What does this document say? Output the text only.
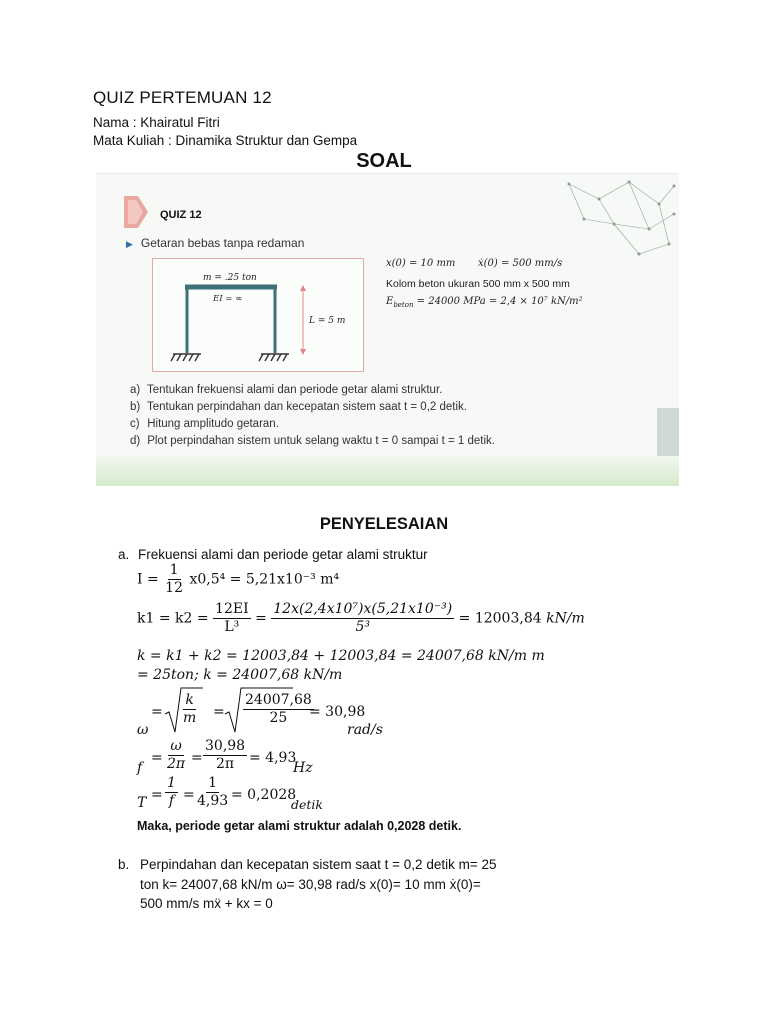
QUIZ PERTEMUAN 12
Nama : Khairatul Fitri
Mata Kuliah : Dinamika Struktur dan Gempa
SOAL
QUIZ 12
▶ Getaran bebas tanpa redaman
m = .25 ton
EI = ∞
L = 5 m
x(0) = 10 mm ẋ(0) = 500 mm/s
Kolom beton ukuran 500 mm x 500 mm
$E_{beton} = 24000$ MPa = 2,4 × 10⁷ kN/m²
a) Tentukan frekuensi alami dan periode getar alami struktur.
b) Tentukan perpindahan dan kecepatan sistem saat t = 0,2 detik.
c) Hitung amplitudo getaran.
d) Plot perpindahan sistem untuk selang waktu t = 0 sampai t = 1 detik.
PENYELESAIAN
a. Frekuensi alami dan periode getar alami struktur
$I = \frac{1}{12} x0,5^4 = 5,21x10^{-3}$ m⁴
$k1 = k2 = \frac{12EI}{\text{L³}} = \frac{\text{12x(2,4x10⁷)x(5,21x10⁻³)}}{\text{5³}} = 12003,84$ kN/m
k = k1 + k2 = 12003,84 + 12003,84 = 24007,68 kN/m m
= 25ton; k = 24007,68 kN/m
=
ω
=
$\frac{k}{m}$	$\frac{24007,68}{25}$
= 30,98
rad/s
=
f $\frac{\omega}{2\pi} = \frac{30,98}{2\pi} = 4,93$
Hz
=
T $\frac{1}{f} = \frac{1}{4,93} = 0,2028$
detik
Maka, periode getar alami struktur adalah 0,2028 detik.
b. Perpindahan dan kecepatan sistem saat t = 0,2 detik m= 25
ton k= 24007,68 kN/m ω= 30,98 rad/s x(0)= 10 mm ẋ(0)=
500 mm/s mẍ + kx = 0
